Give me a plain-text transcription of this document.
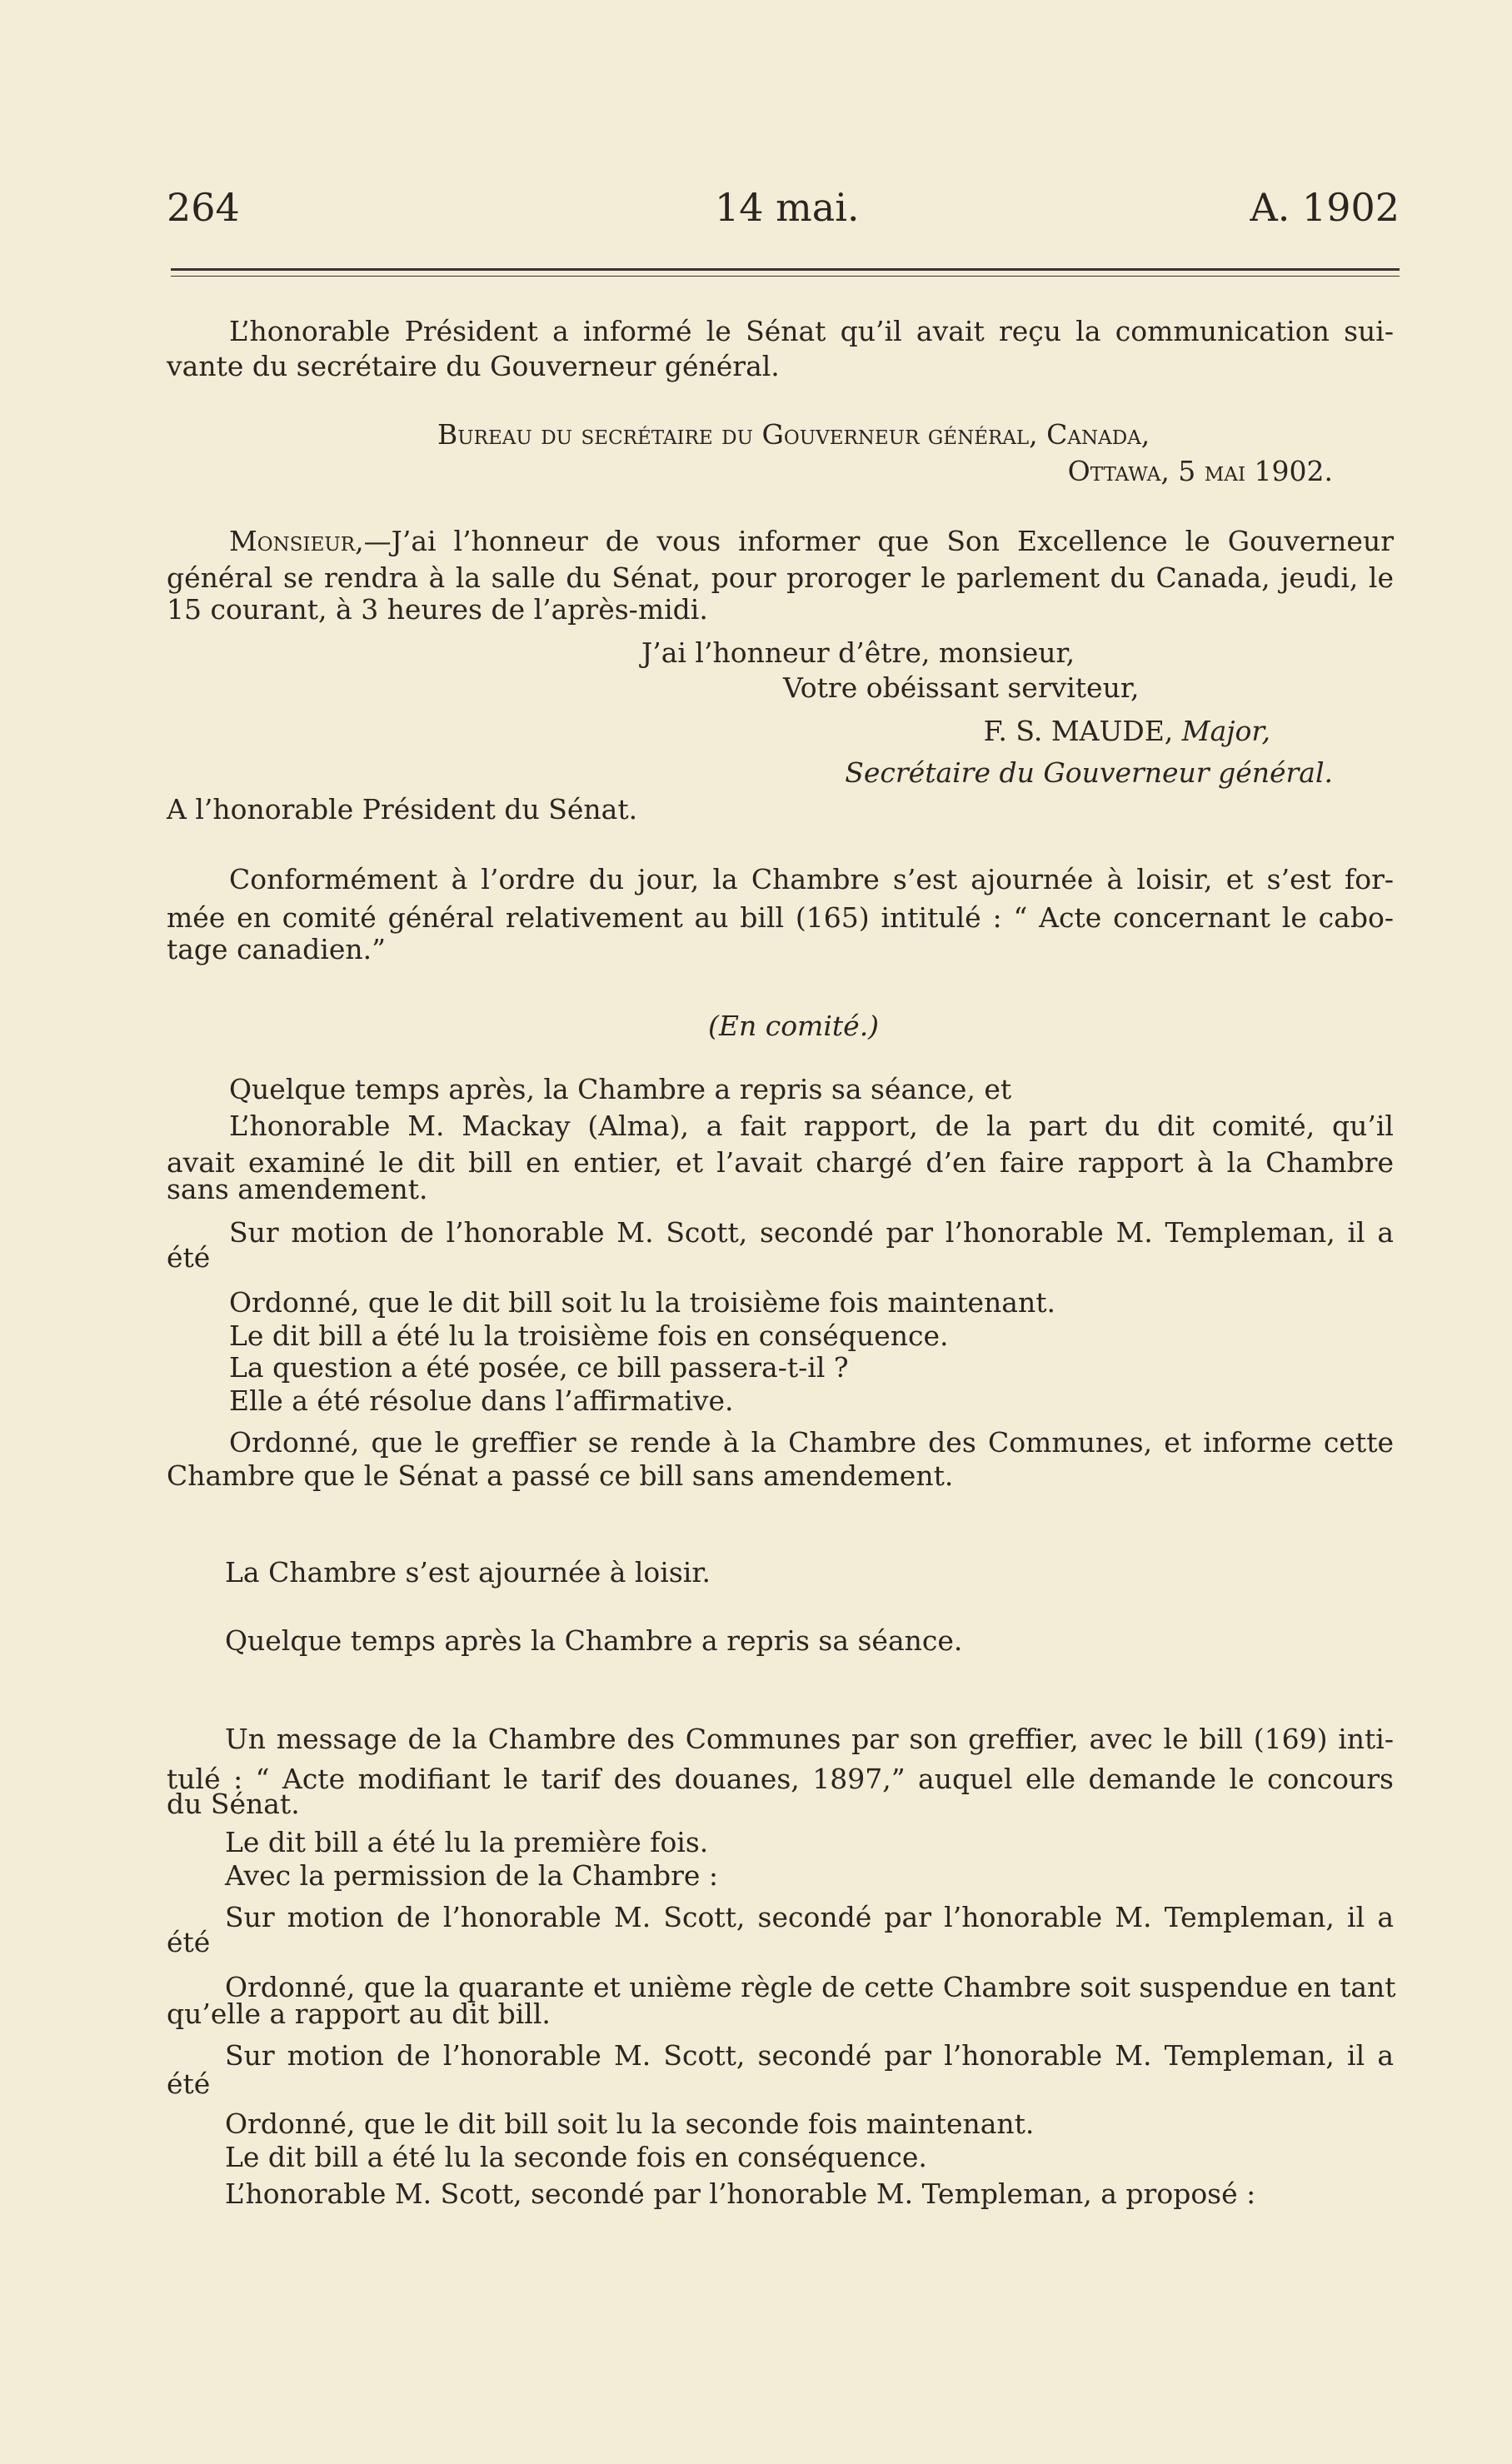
264	14 mai.	A. 1902
L’honorable Président a informé le Sénat qu’il avait reçu la communication sui-
vante du secrétaire du Gouverneur général.
Bureau du secrétaire du Gouverneur général, Canada,
Ottawa, 5 mai 1902.
Monsieur,—J’ai l’honneur de vous informer que Son Excellence le Gouverneur
général se rendra à la salle du Sénat, pour proroger le parlement du Canada, jeudi, le
15 courant, à 3 heures de l’après-midi.
J’ai l’honneur d’être, monsieur,
Votre obéissant serviteur,
F. S. MAUDE, Major,
Secrétaire du Gouverneur général.
A l’honorable Président du Sénat.
Conformément à l’ordre du jour, la Chambre s’est ajournée à loisir, et s’est for-
mée en comité général relativement au bill (165) intitulé : “ Acte concernant le cabo-
tage canadien.”
(En comité.)
Quelque temps après, la Chambre a repris sa séance, et
L’honorable M. Mackay (Alma), a fait rapport, de la part du dit comité, qu’il
avait examiné le dit bill en entier, et l’avait chargé d’en faire rapport à la Chambre
sans amendement.
Sur motion de l’honorable M. Scott, secondé par l’honorable M. Templeman, il a
été
Ordonné, que le dit bill soit lu la troisième fois maintenant.
Le dit bill a été lu la troisième fois en conséquence.
La question a été posée, ce bill passera-t-il ?
Elle a été résolue dans l’affirmative.
Ordonné, que le greffier se rende à la Chambre des Communes, et informe cette
Chambre que le Sénat a passé ce bill sans amendement.
La Chambre s’est ajournée à loisir.
Quelque temps après la Chambre a repris sa séance.
Un message de la Chambre des Communes par son greffier, avec le bill (169) inti-
tulé : “ Acte modifiant le tarif des douanes, 1897,” auquel elle demande le concours
du Sénat.
Le dit bill a été lu la première fois.
Avec la permission de la Chambre :
Sur motion de l’honorable M. Scott, secondé par l’honorable M. Templeman, il a
été
Ordonné, que la quarante et unième règle de cette Chambre soit suspendue en tant
qu’elle a rapport au dit bill.
Sur motion de l’honorable M. Scott, secondé par l’honorable M. Templeman, il a
été
Ordonné, que le dit bill soit lu la seconde fois maintenant.
Le dit bill a été lu la seconde fois en conséquence.
L’honorable M. Scott, secondé par l’honorable M. Templeman, a proposé :
